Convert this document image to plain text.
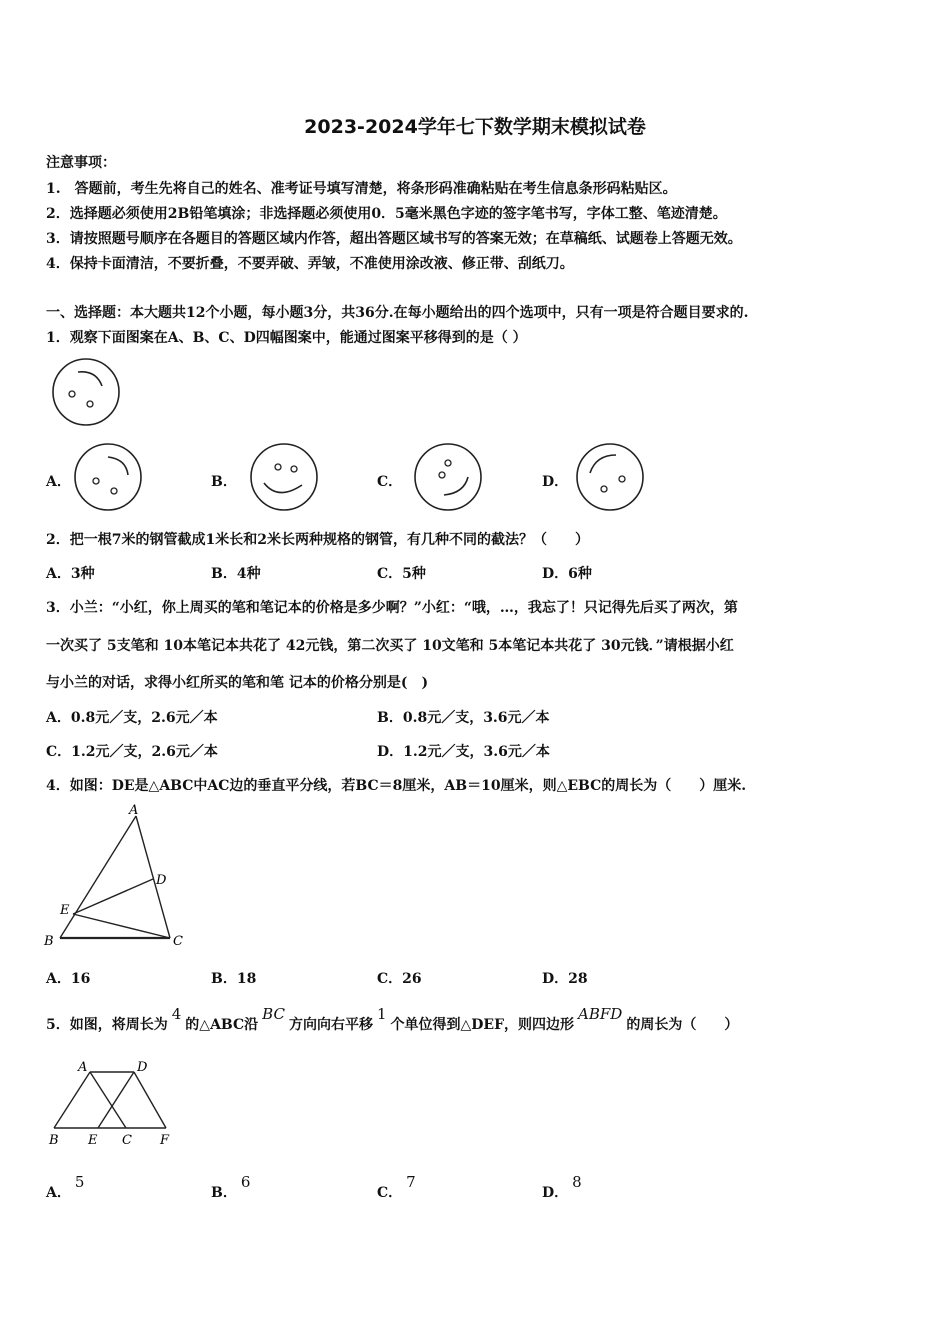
2023-2024学年七下数学期末模拟试卷
注意事项：
1.　答题前，考生先将自己的姓名、准考证号填写清楚，将条形码准确粘贴在考生信息条形码粘贴区。
2．选择题必须使用2B铅笔填涂；非选择题必须使用0．5毫米黑色字迹的签字笔书写，字体工整、笔迹清楚。
3．请按照题号顺序在各题目的答题区域内作答，超出答题区域书写的答案无效；在草稿纸、试题卷上答题无效。
4．保持卡面清洁，不要折叠，不要弄破、弄皱，不准使用涂改液、修正带、刮纸刀。
一、选择题：本大题共12个小题，每小题3分，共36分.在每小题给出的四个选项中，只有一项是符合题目要求的.
1．观察下面图案在A、B、C、D四幅图案中，能通过图案平移得到的是（ ）
A．	B．	C．	D．
2．把一根7米的钢管截成1米长和2米长两种规格的钢管，有几种不同的截法？（　　）
A．3种	B．4种	C．5种	D．6种
3．小兰：“小红，你上周买的笔和笔记本的价格是多少啊？”小红：“哦，…，我忘了！只记得先后买了两次，第
一次买了 5支笔和 10本笔记本共花了 42元钱，第二次买了 10文笔和 5本笔记本共花了 30元钱．”请根据小红
与小兰的对话，求得小红所买的笔和笔 记本的价格分别是(　)
A．0.8元／支，2.6元／本	B．0.8元／支，3.6元／本
C．1.2元／支，2.6元／本	D．1.2元／支，3.6元／本
4．如图：DE是△ABC中AC边的垂直平分线，若BC＝8厘米，AB＝10厘米，则△EBC的周长为（　　）厘米.
A
D
E
B	C
A．16	B．18	C．26	D．28
5．如图，将周长为4的△ABC沿BC方向向右平移1个单位得到△DEF，则四边形ABFD的周长为（　　）
A	D
B E C F
A．5
B．6
C．7
D．8
